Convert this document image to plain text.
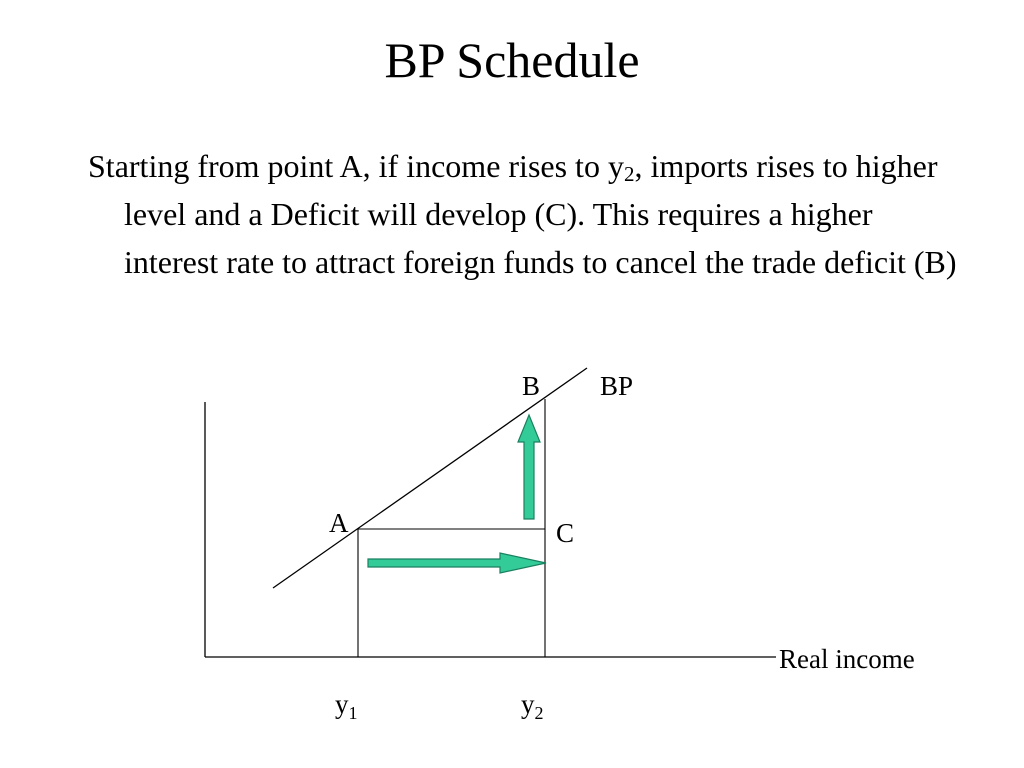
BP Schedule

Starting from point A, if income rises to $y_2$, imports rises to higher level and a Deficit will develop (C). This requires a higher interest rate to attract foreign funds to cancel the trade deficit (B)

A
B
C
BP
Real income
$y_1$	$y_2$
